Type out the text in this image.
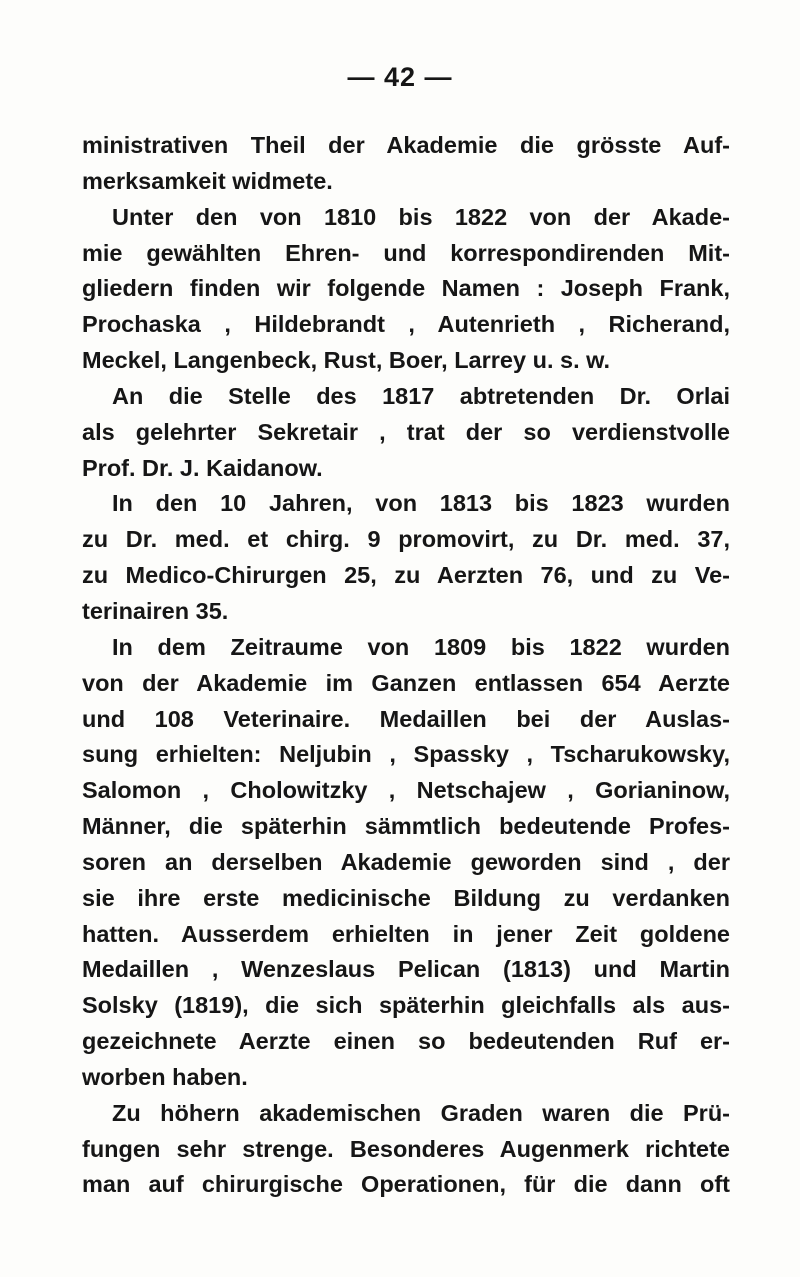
— 42 —
ministrativen Theil der Akademie die grösste Auf-
merksamkeit widmete.
Unter den von 1810 bis 1822 von der Akade-
mie gewählten Ehren- und korrespondirenden Mit-
gliedern finden wir folgende Namen : Joseph Frank,
Prochaska , Hildebrandt , Autenrieth , Richerand,
Meckel, Langenbeck, Rust, Boer, Larrey u. s. w.
An die Stelle des 1817 abtretenden Dr. Orlai
als gelehrter Sekretair , trat der so verdienstvolle
Prof. Dr. J. Kaidanow.
In den 10 Jahren, von 1813 bis 1823 wurden
zu Dr. med. et chirg. 9 promovirt, zu Dr. med. 37,
zu Medico-Chirurgen 25, zu Aerzten 76, und zu Ve-
terinairen 35.
In dem Zeitraume von 1809 bis 1822 wurden
von der Akademie im Ganzen entlassen 654 Aerzte
und 108 Veterinaire. Medaillen bei der Auslas-
sung erhielten: Neljubin , Spassky , Tscharukowsky,
Salomon , Cholowitzky , Netschajew , Gorianinow,
Männer, die späterhin sämmtlich bedeutende Profes-
soren an derselben Akademie geworden sind , der
sie ihre erste medicinische Bildung zu verdanken
hatten. Ausserdem erhielten in jener Zeit goldene
Medaillen , Wenzeslaus Pelican (1813) und Martin
Solsky (1819), die sich späterhin gleichfalls als aus-
gezeichnete Aerzte einen so bedeutenden Ruf er-
worben haben.
Zu höhern akademischen Graden waren die Prü-
fungen sehr strenge. Besonderes Augenmerk richtete
man auf chirurgische Operationen, für die dann oft
